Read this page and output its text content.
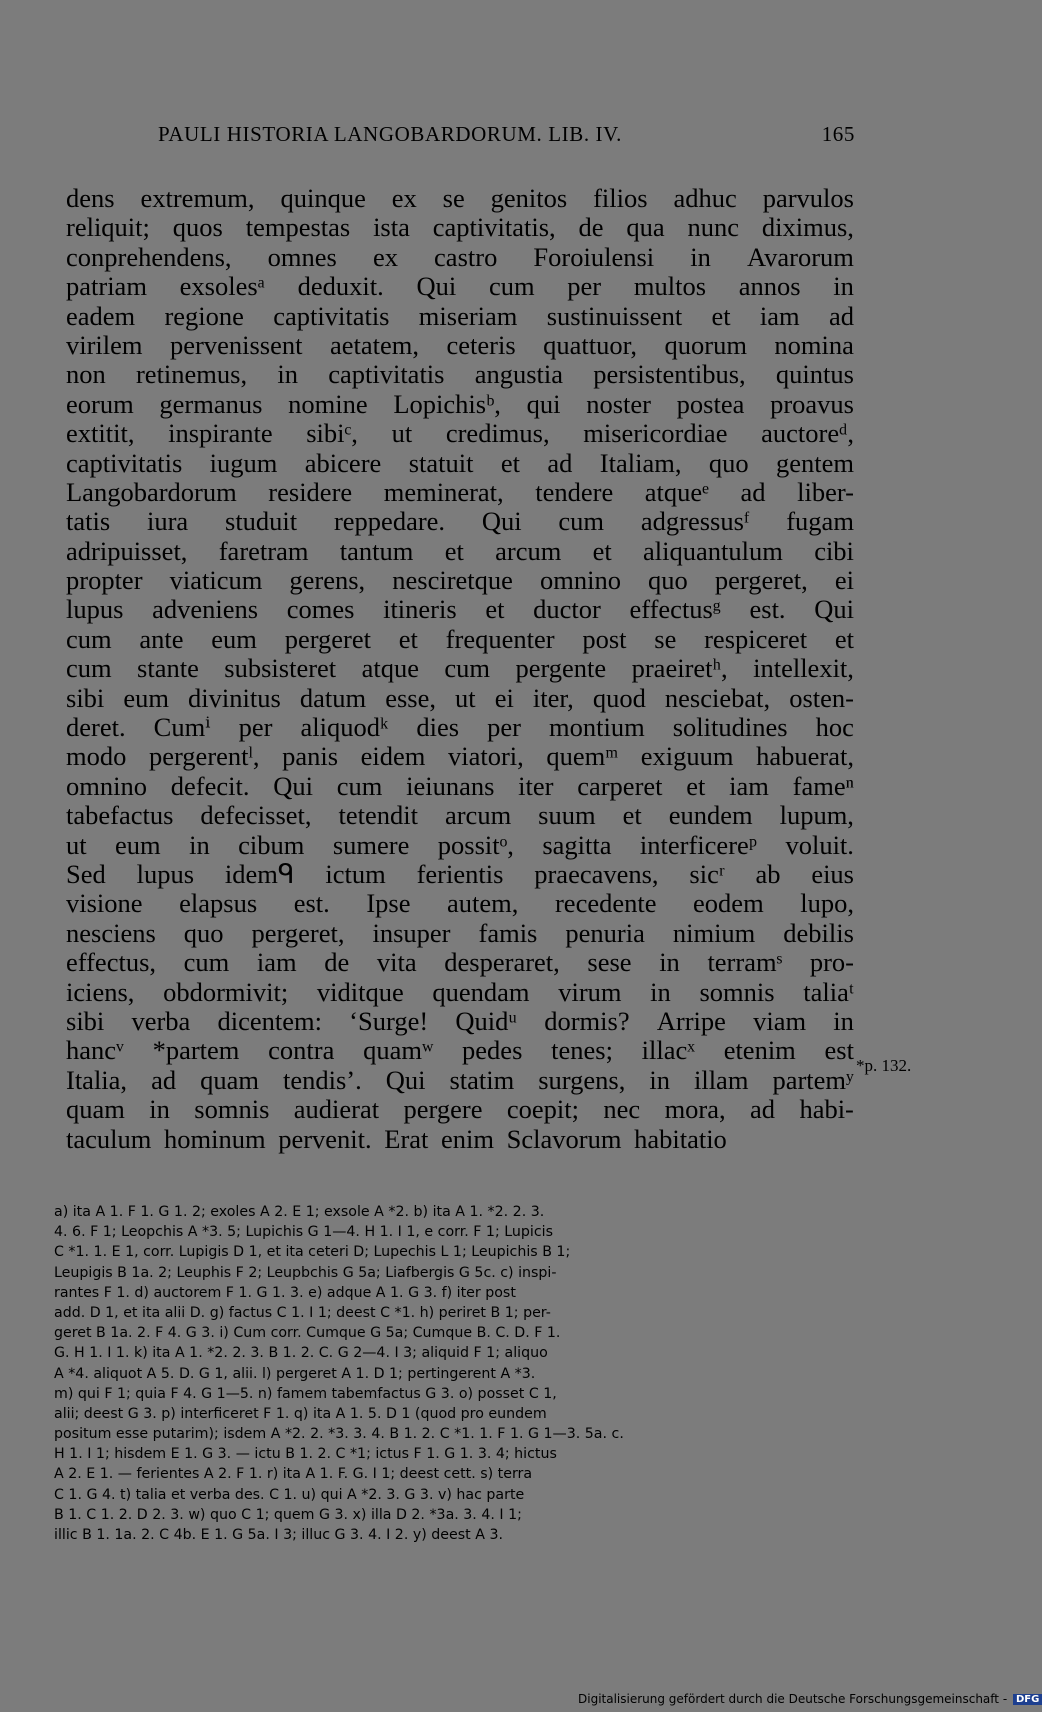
PAULI HISTORIA LANGOBARDORUM. LIB. IV.	165
dens extremum, quinque ex se genitos filios adhuc parvulos
reliquit; quos tempestas ista captivitatis, de qua nunc diximus,
conprehendens, omnes ex castro Foroiulensi in Avarorum
patriam exsolesᵃ deduxit. Qui cum per multos annos in
eadem regione captivitatis miseriam sustinuissent et iam ad
virilem pervenissent aetatem, ceteris quattuor, quorum nomina
non retinemus, in captivitatis angustia persistentibus, quintus
eorum germanus nomine Lopichisᵇ, qui noster postea proavus
extitit, inspirante sibiᶜ, ut credimus, misericordiae auctoreᵈ,
captivitatis iugum abicere statuit et ad Italiam, quo gentem
Langobardorum residere meminerat, tendere atqueᵉ ad liber-
tatis iura studuit reppedare. Qui cum adgressusᶠ fugam
adripuisset, faretram tantum et arcum et aliquantulum cibi
propter viaticum gerens, nesciretque omnino quo pergeret, ei
lupus adveniens comes itineris et ductor effectusᵍ est. Qui
cum ante eum pergeret et frequenter post se respiceret et
cum stante subsisteret atque cum pergente praeiretʰ, intellexit,
sibi eum divinitus datum esse, ut ei iter, quod nesciebat, osten-
deret. Cumⁱ per aliquodᵏ dies per montium solitudines hoc
modo pergerentˡ, panis eidem viatori, quemᵐ exiguum habuerat,
omnino defecit. Qui cum ieiunans iter carperet et iam fameⁿ
tabefactus defecisset, tetendit arcum suum et eundem lupum,
ut eum in cibum sumere possitᵒ, sagitta interficereᵖ voluit.
Sed lupus idemᑫ ictum ferientis praecavens, sicʳ ab eius
visione elapsus est. Ipse autem, recedente eodem lupo,
nesciens quo pergeret, insuper famis penuria nimium debilis
effectus, cum iam de vita desperaret, sese in terramˢ pro-
iciens, obdormivit; viditque quendam virum in somnis taliaᵗ
sibi verba dicentem: ‘Surge! Quidᵘ dormis? Arripe viam in
hancᵛ *partem contra quamʷ pedes tenes; illacˣ etenim est
Italia, ad quam tendis’. Qui statim surgens, in illam partemʸ
quam in somnis audierat pergere coepit; nec mora, ad habi-
taculum hominum pervenit. Erat enim Sclavorum habitatio
*p. 132.
a) ita A 1. F 1. G 1. 2; exoles A 2. E 1; exsole A *2. b) ita A 1. *2. 2. 3.
4. 6. F 1; Leopchis A *3. 5; Lupichis G 1—4. H 1. I 1, e corr. F 1; Lupicis
C *1. 1. E 1, corr. Lupigis D 1, et ita ceteri D; Lupechis L 1; Leupichis B 1;
Leupigis B 1a. 2; Leuphis F 2; Leupbchis G 5a; Liafbergis G 5c. c) inspi-
rantes F 1. d) auctorem F 1. G 1. 3. e) adque A 1. G 3. f) iter post
add. D 1, et ita alii D. g) factus C 1. I 1; deest C *1. h) periret B 1; per-
geret B 1a. 2. F 4. G 3. i) Cum corr. Cumque G 5a; Cumque B. C. D. F 1.
G. H 1. I 1. k) ita A 1. *2. 2. 3. B 1. 2. C. G 2—4. I 3; aliquid F 1; aliquo
A *4. aliquot A 5. D. G 1, alii. l) pergeret A 1. D 1; pertingerent A *3.
m) qui F 1; quia F 4. G 1—5. n) famem tabemfactus G 3. o) posset C 1,
alii; deest G 3. p) interficeret F 1. q) ita A 1. 5. D 1 (quod pro eundem
positum esse putarim); isdem A *2. 2. *3. 3. 4. B 1. 2. C *1. 1. F 1. G 1—3. 5a. c.
H 1. I 1; hisdem E 1. G 3. — ictu B 1. 2. C *1; ictus F 1. G 1. 3. 4; hictus
A 2. E 1. — ferientes A 2. F 1. r) ita A 1. F. G. I 1; deest cett. s) terra
C 1. G 4. t) talia et verba des. C 1. u) qui A *2. 3. G 3. v) hac parte
B 1. C 1. 2. D 2. 3. w) quo C 1; quem G 3. x) illa D 2. *3a. 3. 4. I 1;
illic B 1. 1a. 2. C 4b. E 1. G 5a. I 3; illuc G 3. 4. I 2. y) deest A 3.
Digitalisierung gefördert durch die Deutsche Forschungsgemeinschaft - DFG
